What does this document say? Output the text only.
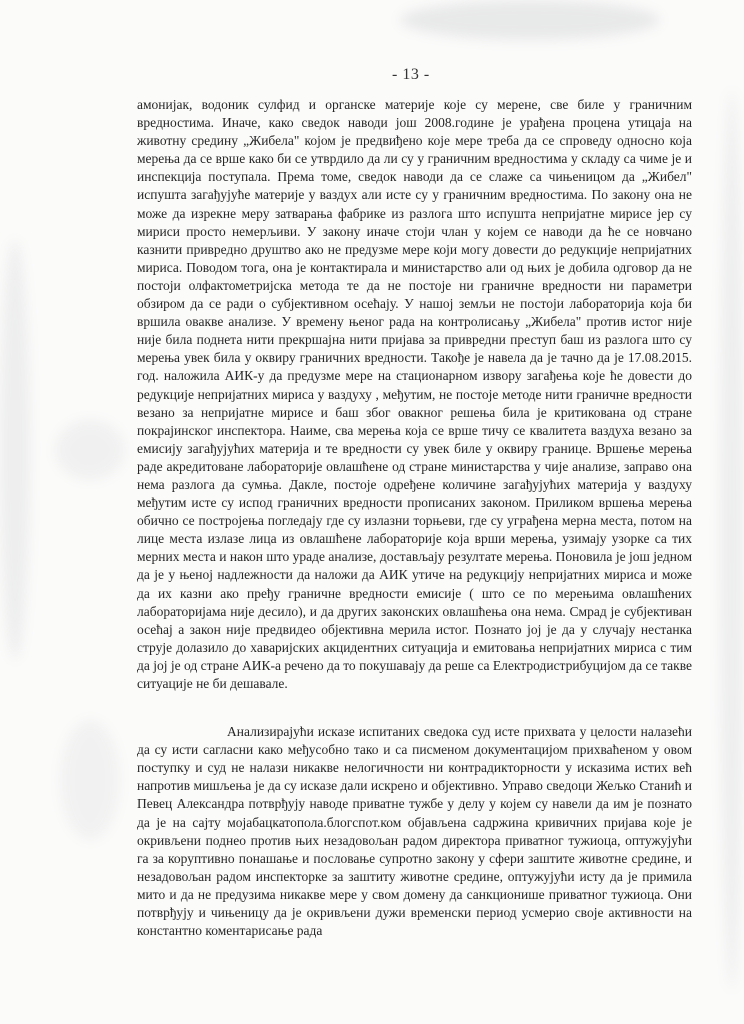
- 13 -

амонијак, водоник сулфид и органске материје које су мерене, све биле у граничним вредностима. Иначе, како сведок наводи још 2008.године је урађена процена утицаја на животну средину „Жибела" којом је предвиђено које мере треба да се спроведу односно која мерења да се врше како би се утврдило да ли су у граничним вредностима у складу са чиме је и инспекција поступала. Према томе, сведок наводи да се слаже са чињеницом да „Жибел" испушта загађујуће материје у ваздух али исте су у граничним вредностима. По закону она не може да изрекне меру затварања фабрике из разлога што испушта непријатне мирисе јер су мириси просто немерљиви. У закону иначе стоји члан у којем се наводи да ће се новчано казнити привредно друштво ако не предузме мере који могу довести до редукције непријатних мириса. Поводом тога, она је контактирала и министарство али од њих је добила одговор да не постоји олфактометријска метода те да не постоје ни граничне вредности ни параметри обзиром да се ради о субјективном осећају. У нашој земљи не постоји лабораторија која би вршила овакве анализе. У времену њеног рада на контролисању „Жибела" против истог није није била поднета нити прекршајна нити пријава за привредни преступ баш из разлога што су мерења увек била у оквиру граничних вредности. Такође је навела да је тачно да је 17.08.2015. год. наложила АИК-у да предузме мере на стационарном извору загађења које ће довести до редукције непријатних мириса у ваздуху , међутим, не постоје методе нити граничне вредности везано за непријатне мирисе и баш због овакног решења била је критикована од стране покрајинског инспектора. Наиме, сва мерења која се врше тичу се квалитета ваздуха везано за емисију загађујућих материја и те вредности су увек биле у оквиру границе. Вршење мерења раде акредитоване лабораторије овлашћене од стране министарства у чије анализе, заправо она нема разлога да сумња. Дакле, постоје одређене количине загађујућих материја у ваздуху међутим исте су испод граничних вредности прописаних законом. Приликом вршења мерења обично се постројења погледају где су излазни торњеви, где су уграђена мерна места, потом на лице места излазе лица из овлашћене лабораторије која врши мерења, узимају узорке са тих мерних места и након што ураде анализе, достављају резултате мерења. Поновила је још једном да је у њеној надлежности да наложи да АИК утиче на редукцију непријатних мириса и може да их казни ако пређу граничне вредности емисије ( што се по мерењима овлашћених лабораторијама није десило), и да других законских овлашћења она нема. Смрад је субјективан осећај а закон није предвидео објективна мерила истог. Познато јој је да у случају нестанка струје долазило до хаваријских акцидентних ситуација и емитовања непријатних мириса с тим да јој је од стране АИК-а речено да то покушавају да реше са Електродистрибуцијом да се такве ситуације не би дешавале.

Анализирајући исказе испитаних сведока суд исте прихвата у целости налазећи да су исти сагласни како међусобно тако и са писменом документацијом прихваћеном у овом поступку и суд не налази никакве нелогичности ни контрадикторности у исказима истих већ напротив мишљења је да су исказе дали искрено и објективно. Управо сведоци Жељко Станић и Певец Александра потврђују наводе приватне тужбе у делу у којем су навели да им је познато да је на сајту мојабацкатопола.блогспот.ком објављена садржина кривичних пријава које је окривљени поднео против њих незадовољан радом директора приватног тужиоца, оптужујући га за коруптивно понашање и пословање супротно закону у сфери заштите животне средине, и незадовољан радом инспекторке за заштиту животне средине, оптужујући исту да је примила мито и да не предузима никакве мере у свом домену да санкционише приватног тужиоца. Они потврђују и чињеницу да је окривљени дужи временски период усмерио своје активности на константно коментарисање рада
